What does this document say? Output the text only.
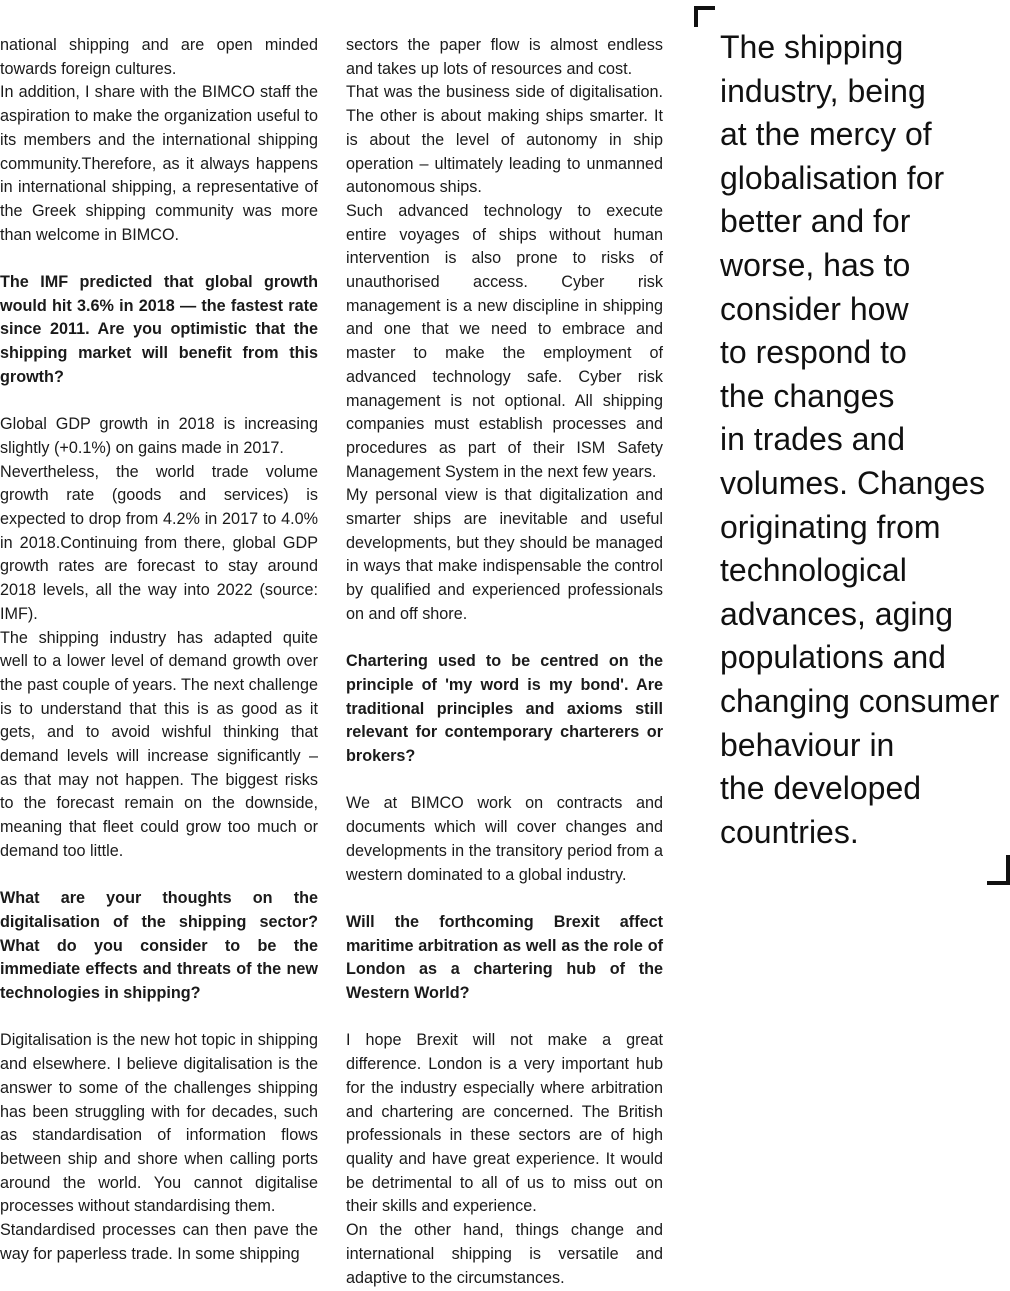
national shipping and are open minded towards foreign cultures.

In addition, I share with the BIMCO staff the aspiration to make the organization useful to its members and the international shipping community.Therefore, as it always happens in international shipping, a representative of the Greek shipping community was more than welcome in BIMCO.

The IMF predicted that global growth would hit 3.6% in 2018 — the fastest rate since 2011. Are you optimistic that the shipping market will benefit from this growth?

Global GDP growth in 2018 is increasing slightly (+0.1%) on gains made in 2017.

Nevertheless, the world trade volume growth rate (goods and services) is expected to drop from 4.2% in 2017 to 4.0% in 2018.Continuing from there, global GDP growth rates are forecast to stay around 2018 levels, all the way into 2022 (source: IMF).

The shipping industry has adapted quite well to a lower level of demand growth over the past couple of years. The next challenge is to understand that this is as good as it gets, and to avoid wishful thinking that demand levels will increase significantly – as that may not happen. The biggest risks to the forecast remain on the downside, meaning that fleet could grow too much or demand too little.

What are your thoughts on the digitalisation of the shipping sector? What do you consider to be the immediate effects and threats of the new technologies in shipping?

Digitalisation is the new hot topic in shipping and elsewhere. I believe digitalisation is the answer to some of the challenges shipping has been struggling with for decades, such as standardisation of information flows between ship and shore when calling ports around the world. You cannot digitalise processes without standardising them.

Standardised processes can then pave the way for paperless trade. In some shipping

sectors the paper flow is almost endless and takes up lots of resources and cost.

That was the business side of digitalisation. The other is about making ships smarter. It is about the level of autonomy in ship operation – ultimately leading to unmanned autonomous ships.

Such advanced technology to execute entire voyages of ships without human intervention is also prone to risks of unauthorised access. Cyber risk management is a new discipline in shipping and one that we need to embrace and master to make the employment of advanced technology safe. Cyber risk management is not optional. All shipping companies must establish processes and procedures as part of their ISM Safety Management System in the next few years.

My personal view is that digitalization and smarter ships are inevitable and useful developments, but they should be managed in ways that make indispensable the control by qualified and experienced professionals on and off shore.

Chartering used to be centred on the principle of 'my word is my bond'. Are traditional principles and axioms still relevant for contemporary charterers or brokers?

We at BIMCO work on contracts and documents which will cover changes and developments in the transitory period from a western dominated to a global industry.

Will the forthcoming Brexit affect maritime arbitration as well as the role of London as a chartering hub of the Western World?

I hope Brexit will not make a great difference. London is a very important hub for the industry especially where arbitration and chartering are concerned. The British professionals in these sectors are of high quality and have great experience. It would be detrimental to all of us to miss out on their skills and experience.

On the other hand, things change and international shipping is versatile and adaptive to the circumstances.

The shipping
industry, being
at the mercy of
globalisation for
better and for
worse, has to
consider how
to respond to
the changes
in trades and
volumes. Changes
originating from
technological
advances, aging
populations and
changing consumer
behaviour in
the developed
countries.
